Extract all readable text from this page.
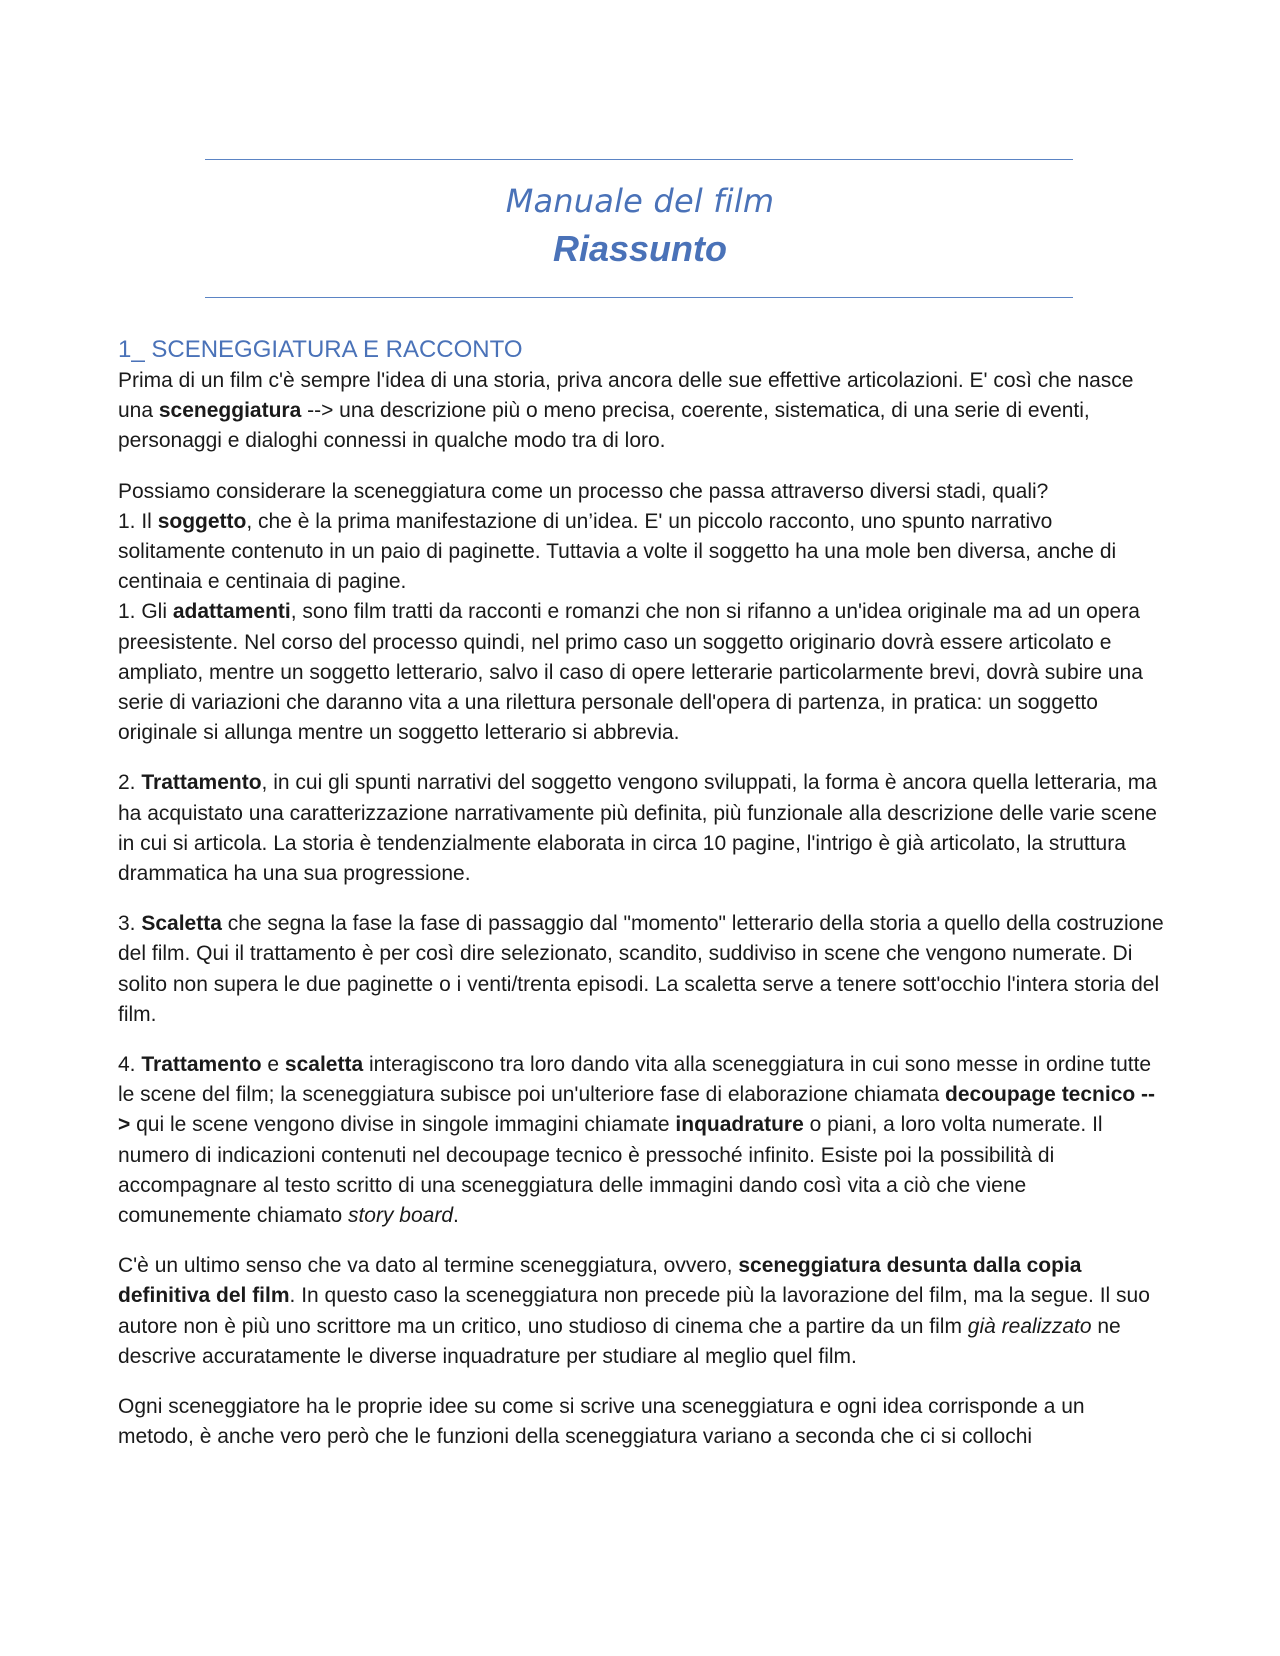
Manuale del film
Riassunto
1_ SCENEGGIATURA E RACCONTO

Prima di un film c'è sempre l'idea di una storia, priva ancora delle sue effettive articolazioni. E' così che nasce una sceneggiatura --> una descrizione più o meno precisa, coerente, sistematica, di una serie di eventi, personaggi e dialoghi connessi in qualche modo tra di loro.

Possiamo considerare la sceneggiatura come un processo che passa attraverso diversi stadi, quali?

1. Il soggetto, che è la prima manifestazione di un’idea. E' un piccolo racconto, uno spunto narrativo solitamente contenuto in un paio di paginette. Tuttavia a volte il soggetto ha una mole ben diversa, anche di centinaia e centinaia di pagine.

1. Gli adattamenti, sono film tratti da racconti e romanzi che non si rifanno a un'idea originale ma ad un opera preesistente. Nel corso del processo quindi, nel primo caso un soggetto originario dovrà essere articolato e ampliato, mentre un soggetto letterario, salvo il caso di opere letterarie particolarmente brevi, dovrà subire una serie di variazioni che daranno vita a una rilettura personale dell'opera di partenza, in pratica: un soggetto originale si allunga mentre un soggetto letterario si abbrevia.

2. Trattamento, in cui gli spunti narrativi del soggetto vengono sviluppati, la forma è ancora quella letteraria, ma ha acquistato una caratterizzazione narrativamente più definita, più funzionale alla descrizione delle varie scene in cui si articola. La storia è tendenzialmente elaborata in circa 10 pagine, l'intrigo è già articolato, la struttura drammatica ha una sua progressione.

3. Scaletta che segna la fase la fase di passaggio dal "momento" letterario della storia a quello della costruzione del film. Qui il trattamento è per così dire selezionato, scandito, suddiviso in scene che vengono numerate. Di solito non supera le due paginette o i venti/trenta episodi. La scaletta serve a tenere sott'occhio l'intera storia del film.

4. Trattamento e scaletta interagiscono tra loro dando vita alla sceneggiatura in cui sono messe in ordine tutte le scene del film; la sceneggiatura subisce poi un'ulteriore fase di elaborazione chiamata decoupage tecnico --> qui le scene vengono divise in singole immagini chiamate inquadrature o piani, a loro volta numerate. Il numero di indicazioni contenuti nel decoupage tecnico è pressoché infinito. Esiste poi la possibilità di accompagnare al testo scritto di una sceneggiatura delle immagini dando così vita a ciò che viene comunemente chiamato story board.

C'è un ultimo senso che va dato al termine sceneggiatura, ovvero, sceneggiatura desunta dalla copia definitiva del film. In questo caso la sceneggiatura non precede più la lavorazione del film, ma la segue. Il suo autore non è più uno scrittore ma un critico, uno studioso di cinema che a partire da un film già realizzato ne descrive accuratamente le diverse inquadrature per studiare al meglio quel film.

Ogni sceneggiatore ha le proprie idee su come si scrive una sceneggiatura e ogni idea corrisponde a un metodo, è anche vero però che le funzioni della sceneggiatura variano a seconda che ci si collochi
